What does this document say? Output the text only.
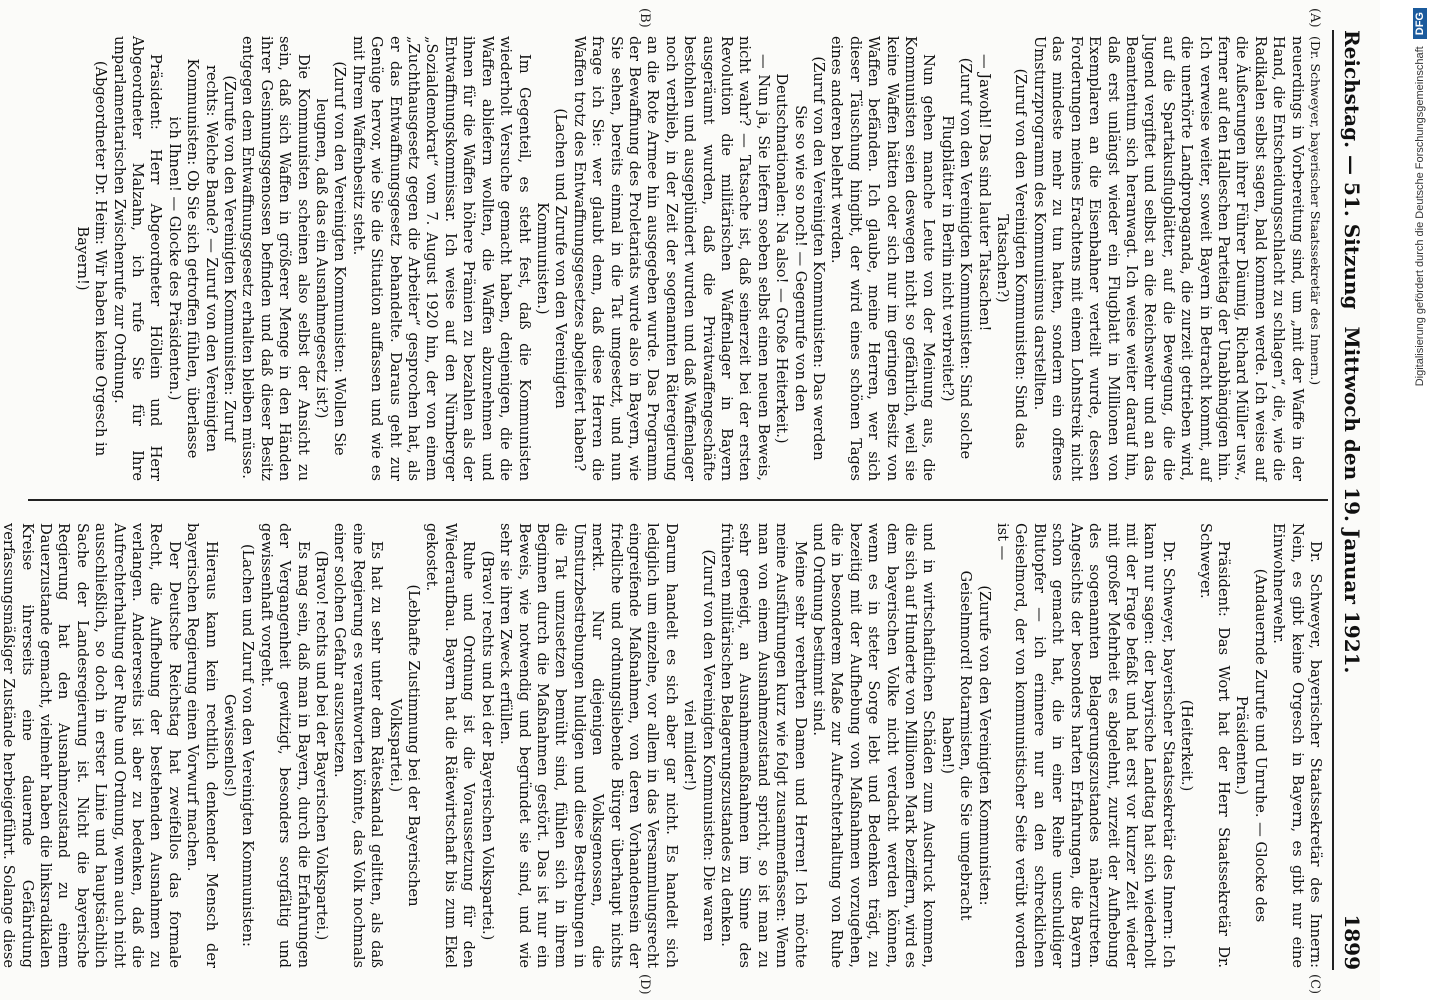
Reichstag. — 51. Sitzung
Mittwoch den 19. Januar 1921.
1899
(A)
(B)
(C)
(D)

(Dr. Schweyer, bayerischer Staatssekretär des Innern.)

neuerdings in Vorbereitung sind, um „mit der Waffe in der Hand, die Entscheidungsschlacht zu schlagen“, die, wie die Radikalen selbst sagen, bald kommen werde. Ich weise auf die Äußerungen ihrer Führer Däumig, Richard Müller usw., ferner auf den Halleschen Parteitag der Unabhängigen hin. Ich verweise weiter, soweit Bayern in Betracht kommt, auf die unerhörte Landpropaganda, die zurzeit getrieben wird, auf die Spartakusflugblätter, auf die Bewegung, die die Jugend vergiftet und selbst an die Reichswehr und an das Beamtentum sich heranwagt. Ich weise weiter darauf hin, daß erst unlängst wieder ein Flugblatt in Millionen von Exemplaren an die Eisenbahner verteilt wurde, dessen Forderungen meines Erachtens mit einem Lohnstreik nicht das mindeste mehr zu tun hatten, sondern ein offenes Umsturzprogramm des Kommunismus darstellten.

(Zuruf von den Vereinigten Kommunisten: Sind das Tatsachen?)

— Jawohl! Das sind lauter Tatsachen!

(Zuruf von den Vereinigten Kommunisten: Sind solche Flugblätter in Berlin nicht verbreitet?)

Nun gehen manche Leute von der Meinung aus, die Kommunisten seien deswegen nicht so gefährlich, weil sie keine Waffen hätten oder sich nur im geringen Besitz von Waffen befänden. Ich glaube, meine Herren, wer sich dieser Täuschung hingibt, der wird eines schönen Tages eines anderen belehrt werden.

(Zuruf von den Vereinigten Kommunisten: Das werden Sie so wie so noch! — Gegenrufe von den Deutschnationalen: Na also! — Große Heiterkeit.)

— Nun ja, Sie liefern soeben selbst einen neuen Beweis, nicht wahr? — Tatsache ist, daß seinerzeit bei der ersten Revolution die militärischen Waffenlager in Bayern ausgeräumt wurden, daß die Privatwaffengeschäfte bestohlen und ausgeplündert wurden und daß Waffenlager noch verblieb, in der Zeit der sogenannten Räteregierung an die Rote Armee hin ausgegeben wurde. Das Programm der Bewaffnung des Proletariats wurde also in Bayern, wie Sie sehen, bereits einmal in die Tat umgesetzt, und nun frage ich Sie: wer glaubt denn, daß diese Herren die Waffen trotz des Entwaffnungsgesetzes abgeliefert haben?

(Lachen und Zurufe von den Vereinigten Kommunisten.)

Im Gegenteil, es steht fest, daß die Kommunisten wiederholt Versuche gemacht haben, denjenigen, die die Waffen abliefern wollten, die Waffen abzunehmen und ihnen für die Waffen höhere Prämien zu bezahlen als der Entwaffnungskommissar. Ich weise auf den Nürnberger „Sozialdemokrat“ vom 7. August 1920 hin, der von einem „Zuchthausgesetz gegen die Arbeiter“ gesprochen hat, als er das Entwaffnungsgesetz behandelte. Daraus geht zur Genüge hervor, wie Sie die Situation auffassen und wie es mit Ihrem Waffenbesitz steht.

(Zuruf von den Vereinigten Kommunisten: Wollen Sie leugnen, daß das ein Ausnahmegesetz ist?)

Die Kommunisten scheinen also selbst der Ansicht zu sein, daß sich Waffen in größerer Menge in den Händen ihrer Gesinnungsgenossen befinden und daß dieser Besitz entgegen dem Entwaffnungsgesetz erhalten bleiben müsse.

(Zurufe von den Vereinigten Kommunisten: Zuruf rechts: Welche Bande? — Zuruf von den Vereinigten Kommunisten: Ob Sie sich getroffen fühlen, überlasse ich Ihnen! — Glocke des Präsidenten.)

Präsident: Herr Abgeordneter Höllein und Herr Abgeordneter Malzahn, ich rufe Sie für Ihre unparlamentarischen Zwischenrufe zur Ordnung.

(Abgeordneter Dr. Heim: Wir haben keine Orgesch in Bayern!)

Dr. Schweyer, bayerischer Staatssekretär des Innern: Nein, es gibt keine Orgesch in Bayern, es gibt nur eine Einwohnerwehr.

(Andauernde Zurufe und Unruhe. — Glocke des Präsidenten.)

Präsident: Das Wort hat der Herr Staatssekretär Dr. Schweyer.

(Heiterkeit.)

Dr. Schweyer, bayerischer Staatssekretär des Innern: Ich kann nur sagen: der bayrische Landtag hat sich wiederholt mit der Frage befaßt und hat erst vor kurzer Zeit wieder mit großer Mehrheit es abgelehnt, zurzeit der Aufhebung des sogenannten Belagerungszustandes näherzutreten. Angesichts der besonders harten Erfahrungen, die Bayern schon gemacht hat, die in einer Reihe unschuldiger Blutopfer — ich erinnere nur an den schrecklichen Geiselmord, der von kommunistischer Seite verübt worden ist —

(Zurufe von den Vereinigten Kommunisten: Geiselnmord! Rotarmisten, die Sie umgebracht haben!)

und in wirtschaftlichen Schäden zum Ausdruck kommen, die sich auf Hunderte von Millionen Mark beziffern, wird es dem bayerischen Volke nicht verdacht werden können, wenn es in steter Sorge lebt und Bedenken trägt, zu bezeitig mit der Aufhebung von Maßnahmen vorzugehen, die in besonderem Maße zur Aufrechterhaltung von Ruhe und Ordnung bestimmt sind.

Meine sehr verehrten Damen und Herren! Ich möchte meine Ausführungen kurz wie folgt zusammenfassen: Wenn man von einem Ausnahmezustand spricht, so ist man zu sehr geneigt, an Ausnahmemaßnahmen im Sinne des früheren militärischen Belagerungszustandes zu denken.

(Zuruf von den Vereinigten Kommunisten: Die waren viel milder!)

Darum handelt es sich aber gar nicht. Es handelt sich lediglich um einzelne, vor allem in das Versammlungsrecht eingreifende Maßnahmen, von deren Vorhandensein der friedliche und ordnungsliebende Bürger überhaupt nichts merkt. Nur diejenigen Volksgenossen, die Umsturzbestrebungen huldigen und diese Bestrebungen in die Tat umzusetzen bemüht sind, fühlen sich in ihrem Beginnen durch die Maßnahmen gestört. Das ist nur ein Beweis, wie notwendig und begründet sie sind, und wie sehr sie ihren Zweck erfüllen.

(Bravo! rechts und bei der Bayerischen Volkspartei.)

Ruhe und Ordnung ist die Voraussetzung für den Wiederaufbau. Bayern hat die Rätewirtschaft bis zum Ekel gekostet.

(Lebhafte Zustimmung bei der Bayerischen Volkspartei.)

Es hat zu sehr unter dem Räteskandal gelitten, als daß eine Regierung es verantworten könnte, das Volk nochmals einer solchen Gefahr auszusetzen.

(Bravo! rechts und bei der Bayerischen Volkspartei.)

Es mag sein, daß man in Bayern, durch die Erfahrungen der Vergangenheit gewitzigt, besonders sorgfältig und gewissenhaft vorgeht.

(Lachen und Zuruf von den Vereinigten Kommunisten: Gewissenlos!)

Hieraus kann kein rechtlich denkender Mensch der bayerischen Regierung einen Vorwurf machen.

Der Deutsche Reichstag hat zweifellos das formale Recht, die Aufhebung der bestehenden Ausnahmen zu verlangen. Andererseits ist aber zu bedenken, daß die Aufrechterhaltung der Ruhe und Ordnung, wenn auch nicht ausschließlich, so doch in erster Linie und hauptsächlich Sache der Landesregierung ist. Nicht die bayerische Regierung hat den Ausnahmezustand zu einem Dauerzustande gemacht, vielmehr haben die linksradikalen Kreise ihrerseits eine dauernde Gefährdung verfassungsmäßiger Zustände herbeigeführt. Solange diese

Digitalisierung gefördert durch die Deutsche Forschungsgemeinschaft DFG
